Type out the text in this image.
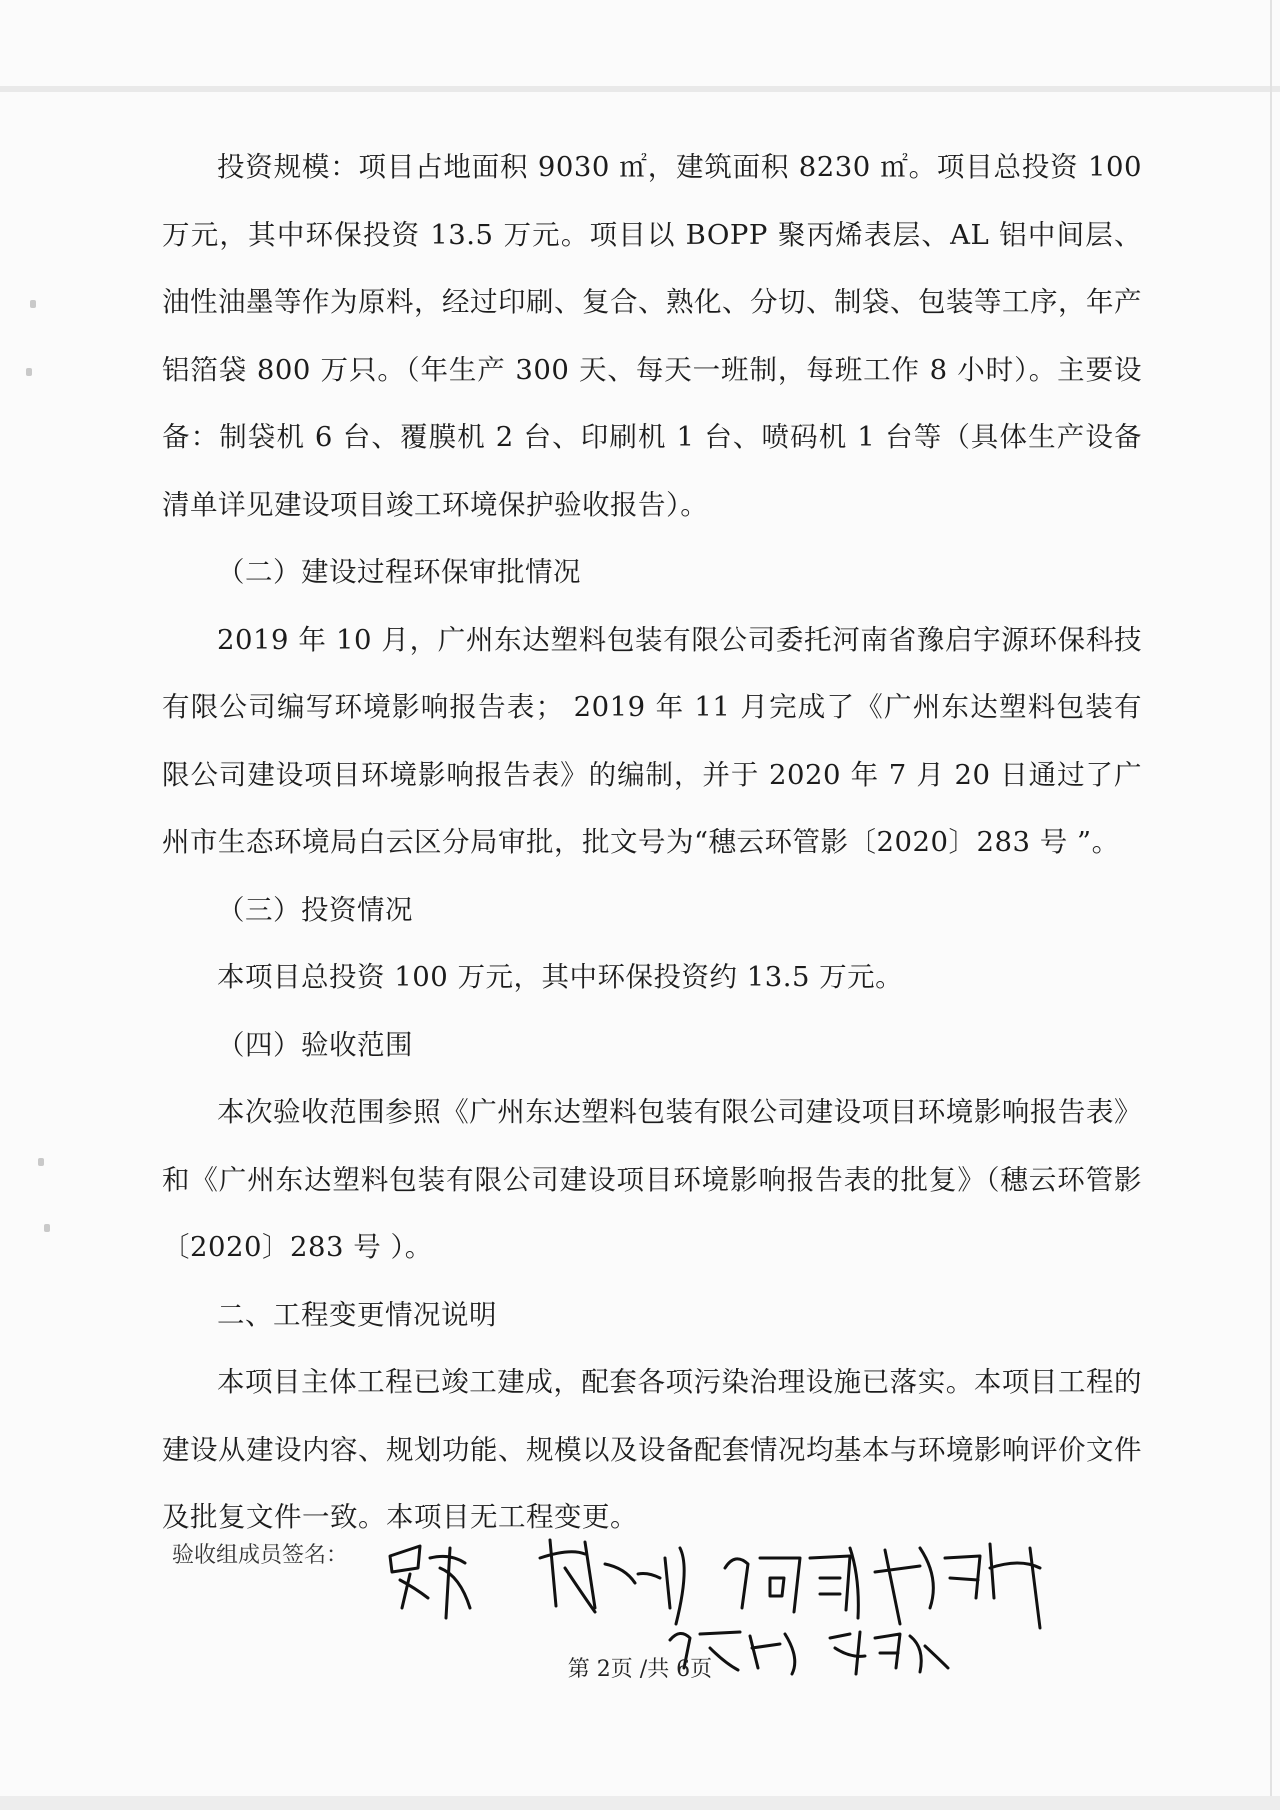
投资规模：项目占地面积 9030 ㎡，建筑面积 8230 ㎡。项目总投资 100 万元，其中环保投资 13.5 万元。项目以 BOPP 聚丙烯表层、AL 铝中间层、油性油墨等作为原料，经过印刷、复合、熟化、分切、制袋、包装等工序，年产铝箔袋 800 万只。（年生产 300 天、每天一班制，每班工作 8 小时）。主要设备：制袋机 6 台、覆膜机 2 台、印刷机 1 台、喷码机 1 台等（具体生产设备清单详见建设项目竣工环境保护验收报告）。

（二）建设过程环保审批情况

2019 年 10 月，广州东达塑料包装有限公司委托河南省豫启宇源环保科技有限公司编写环境影响报告表； 2019 年 11 月完成了《广州东达塑料包装有限公司建设项目环境影响报告表》的编制，并于 2020 年 7 月 20 日通过了广州市生态环境局白云区分局审批，批文号为“穗云环管影〔2020〕283 号 ”。

（三）投资情况

本项目总投资 100 万元，其中环保投资约 13.5 万元。

（四）验收范围

本次验收范围参照《广州东达塑料包装有限公司建设项目环境影响报告表》和《广州东达塑料包装有限公司建设项目环境影响报告表的批复》（穗云环管影〔2020〕283 号 ）。

二、工程变更情况说明

本项目主体工程已竣工建成，配套各项污染治理设施已落实。本项目工程的建设从建设内容、规划功能、规模以及设备配套情况均基本与环境影响评价文件及批复文件一致。本项目无工程变更。

验收组成员签名：
第 2页 /共 6页
